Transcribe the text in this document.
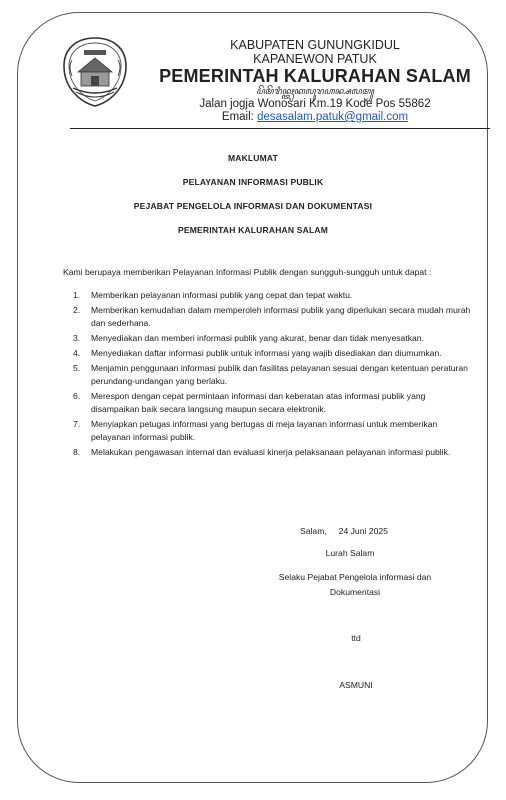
KABUPATEN GUNUNGKIDUL
KAPANEWON PATUK
PEMERINTAH KALURAHAN SALAM
ꦥꦼꦩꦼꦫꦶꦤ꧀ꦠꦃꦏꦭꦸꦫꦲꦤ꧀ꦱꦭꦩ꧀
Jalan jogja Wonosari Km.19 Kode Pos 55862
Email: desasalam.patuk@gmail.com
MAKLUMAT
PELAYANAN INFORMASI PUBLIK
PEJABAT PENGELOLA INFORMASI DAN DOKUMENTASI
PEMERINTAH KALURAHAN SALAM
Kami berupaya memberikan Pelayanan Informasi Publik dengan sungguh-sungguh untuk dapat :
1. Memberikan pelayanan informasi publik yang cepat dan tepat waktu.
2. Memberikan kemudahan dalam memperoleh informasi publik yang diperlukan secara mudah murah dan sederhana.
3. Menyediakan dan memberi informasi publik yang akurat, benar dan tidak menyesatkan.
4. Menyediakan daftar informasi publik untuk informasi yang wajib disediakan dan diumumkan.
5. Menjamin penggunaan informasi publik dan fasilitas pelayanan sesuai dengan ketentuan peraturan perundang-undangan yang berlaku.
6. Merespon dengan cepat permintaan informasi dan keberatan atas informasi publik yang disampaikan baik secara langsung maupun secara elektronik.
7. Menyiapkan petugas informasi yang bertugas di meja layanan informasi untuk memberikan pelayanan informasi publik.
8. Melakukan pengawasan internal dan evaluasi kinerja pelaksanaan pelayanan informasi publik.
Salam,     24 Juni 2025
Lurah Salam
Selaku Pejabat Pengelola informasi dan
Dokumentasi
ttd
ASMUNI
